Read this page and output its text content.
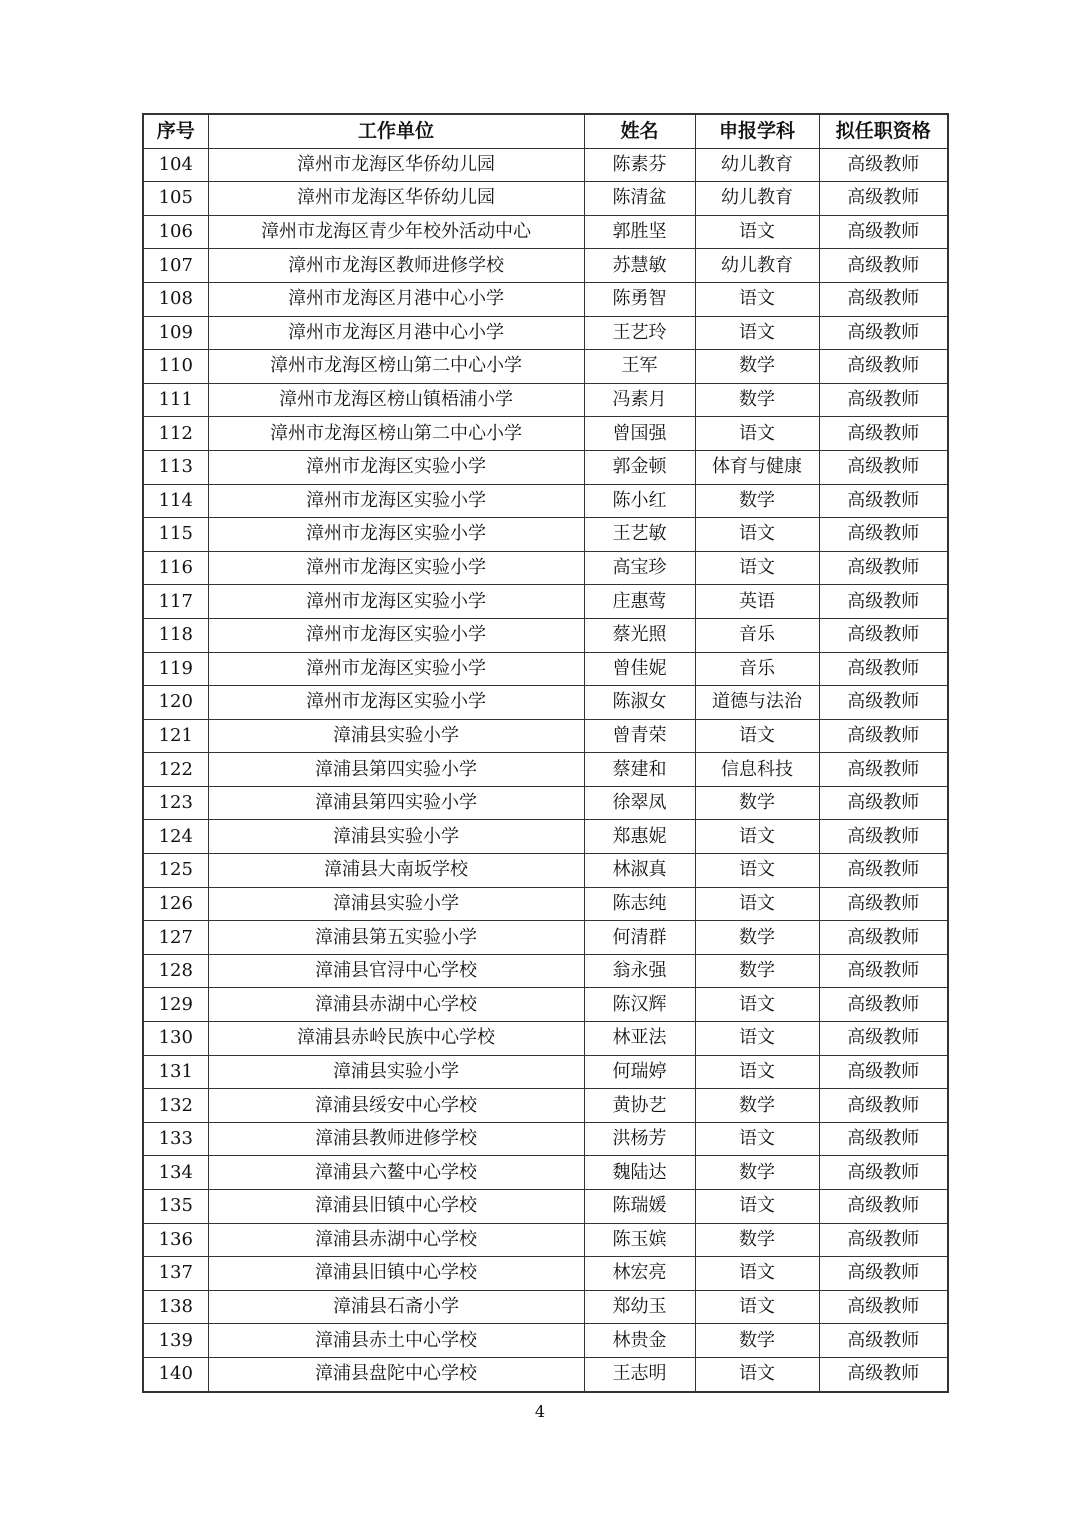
序号	工作单位	姓名	申报学科	拟任职资格
104	漳州市龙海区华侨幼儿园	陈素芬	幼儿教育	高级教师
105	漳州市龙海区华侨幼儿园	陈清盆	幼儿教育	高级教师
106	漳州市龙海区青少年校外活动中心	郭胜坚	语文	高级教师
107	漳州市龙海区教师进修学校	苏慧敏	幼儿教育	高级教师
108	漳州市龙海区月港中心小学	陈勇智	语文	高级教师
109	漳州市龙海区月港中心小学	王艺玲	语文	高级教师
110	漳州市龙海区榜山第二中心小学	王军	数学	高级教师
111	漳州市龙海区榜山镇梧浦小学	冯素月	数学	高级教师
112	漳州市龙海区榜山第二中心小学	曾国强	语文	高级教师
113	漳州市龙海区实验小学	郭金顿	体育与健康	高级教师
114	漳州市龙海区实验小学	陈小红	数学	高级教师
115	漳州市龙海区实验小学	王艺敏	语文	高级教师
116	漳州市龙海区实验小学	高宝珍	语文	高级教师
117	漳州市龙海区实验小学	庄惠莺	英语	高级教师
118	漳州市龙海区实验小学	蔡光照	音乐	高级教师
119	漳州市龙海区实验小学	曾佳妮	音乐	高级教师
120	漳州市龙海区实验小学	陈淑女	道德与法治	高级教师
121	漳浦县实验小学	曾青荣	语文	高级教师
122	漳浦县第四实验小学	蔡建和	信息科技	高级教师
123	漳浦县第四实验小学	徐翠凤	数学	高级教师
124	漳浦县实验小学	郑惠妮	语文	高级教师
125	漳浦县大南坂学校	林淑真	语文	高级教师
126	漳浦县实验小学	陈志纯	语文	高级教师
127	漳浦县第五实验小学	何清群	数学	高级教师
128	漳浦县官浔中心学校	翁永强	数学	高级教师
129	漳浦县赤湖中心学校	陈汉辉	语文	高级教师
130	漳浦县赤岭民族中心学校	林亚法	语文	高级教师
131	漳浦县实验小学	何瑞婷	语文	高级教师
132	漳浦县绥安中心学校	黄协艺	数学	高级教师
133	漳浦县教师进修学校	洪杨芳	语文	高级教师
134	漳浦县六鳌中心学校	魏陆达	数学	高级教师
135	漳浦县旧镇中心学校	陈瑞媛	语文	高级教师
136	漳浦县赤湖中心学校	陈玉嫔	数学	高级教师
137	漳浦县旧镇中心学校	林宏亮	语文	高级教师
138	漳浦县石斋小学	郑幼玉	语文	高级教师
139	漳浦县赤土中心学校	林贵金	数学	高级教师
140	漳浦县盘陀中心学校	王志明	语文	高级教师
4
